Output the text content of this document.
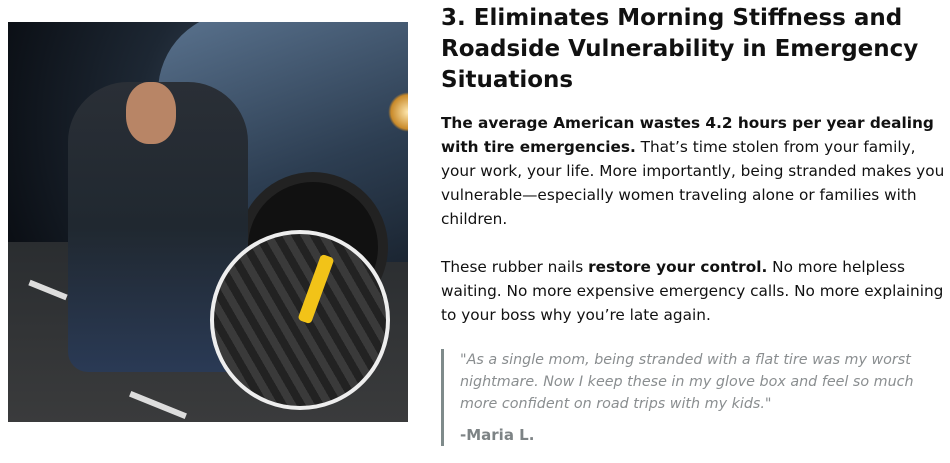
3. Eliminates Morning Stiffness and Roadside Vulnerability in Emergency Situations

The average American wastes 4.2 hours per year dealing with tire emergencies. That’s time stolen from your family, your work, your life. More importantly, being stranded makes you vulnerable—especially women traveling alone or families with children.

These rubber nails restore your control. No more helpless waiting. No more expensive emergency calls. No more explaining to your boss why you’re late again.

"As a single mom, being stranded with a flat tire was my worst nightmare. Now I keep these in my glove box and feel so much more confident on road trips with my kids."

-Maria L.
